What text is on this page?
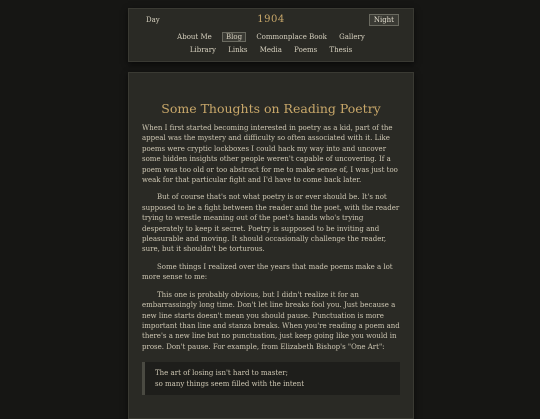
Day	1904	Night
About Me Blog Commonplace Book Gallery
Library Links Media Poems Thesis
Some Thoughts on Reading Poetry

When I first started becoming interested in poetry as a kid, part of the appeal was the mystery and difficulty so often associated with it. Like poems were cryptic lockboxes I could hack my way into and uncover some hidden insights other people weren't capable of uncovering. If a poem was too old or too abstract for me to make sense of, I was just too weak for that particular fight and I'd have to come back later.

But of course that's not what poetry is or ever should be. It's not supposed to be a fight between the reader and the poet, with the reader trying to wrestle meaning out of the poet's hands who's trying desperately to keep it secret. Poetry is supposed to be inviting and pleasurable and moving. It should occasionally challenge the reader, sure, but it shouldn't be torturous.

Some things I realized over the years that made poems make a lot more sense to me:

This one is probably obvious, but I didn't realize it for an embarrassingly long time. Don't let line breaks fool you. Just because a new line starts doesn't mean you should pause. Punctuation is more important than line and stanza breaks. When you're reading a poem and there's a new line but no punctuation, just keep going like you would in prose. Don't pause. For example, from Elizabeth Bishop's "One Art":

The art of losing isn't hard to master;
so many things seem filled with the intent
